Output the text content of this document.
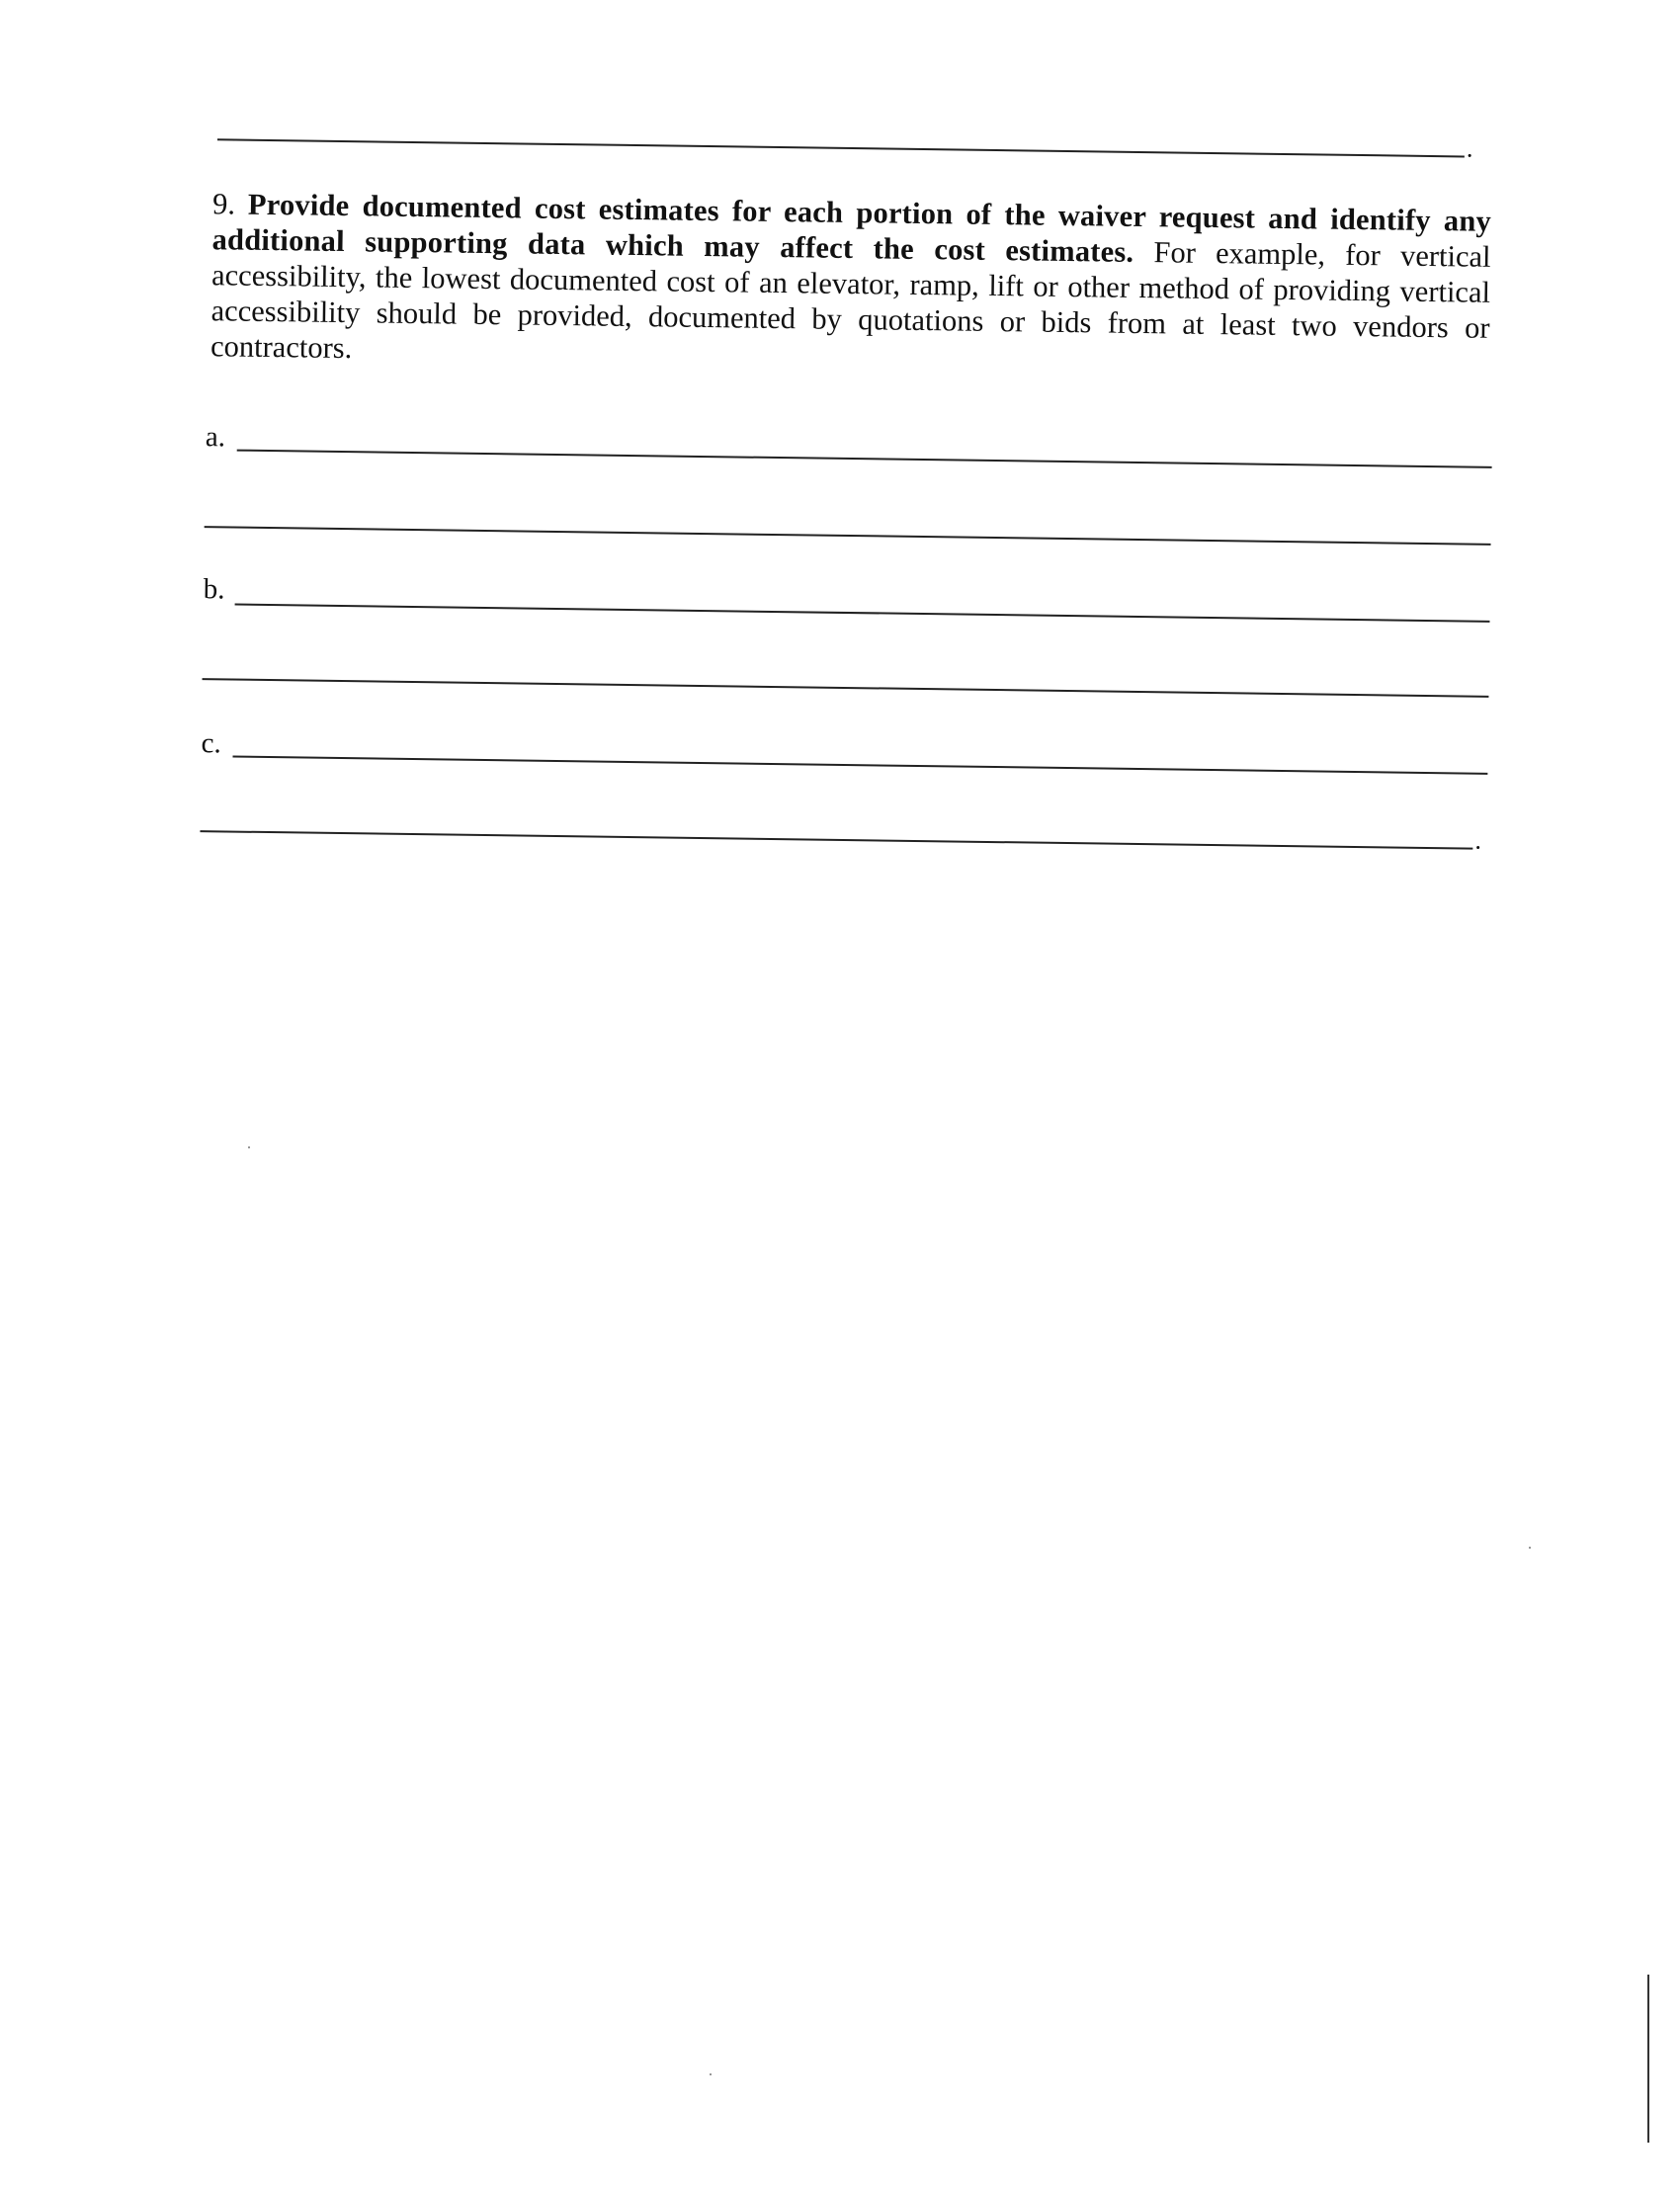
.

9. Provide documented cost estimates for each portion of the waiver request and identify any additional supporting data which may affect the cost estimates. For example, for vertical accessibility, the lowest documented cost of an elevator, ramp, lift or other method of providing vertical accessibility should be provided, documented by quotations or bids from at least two vendors or contractors.

a.
b.
c.
.
